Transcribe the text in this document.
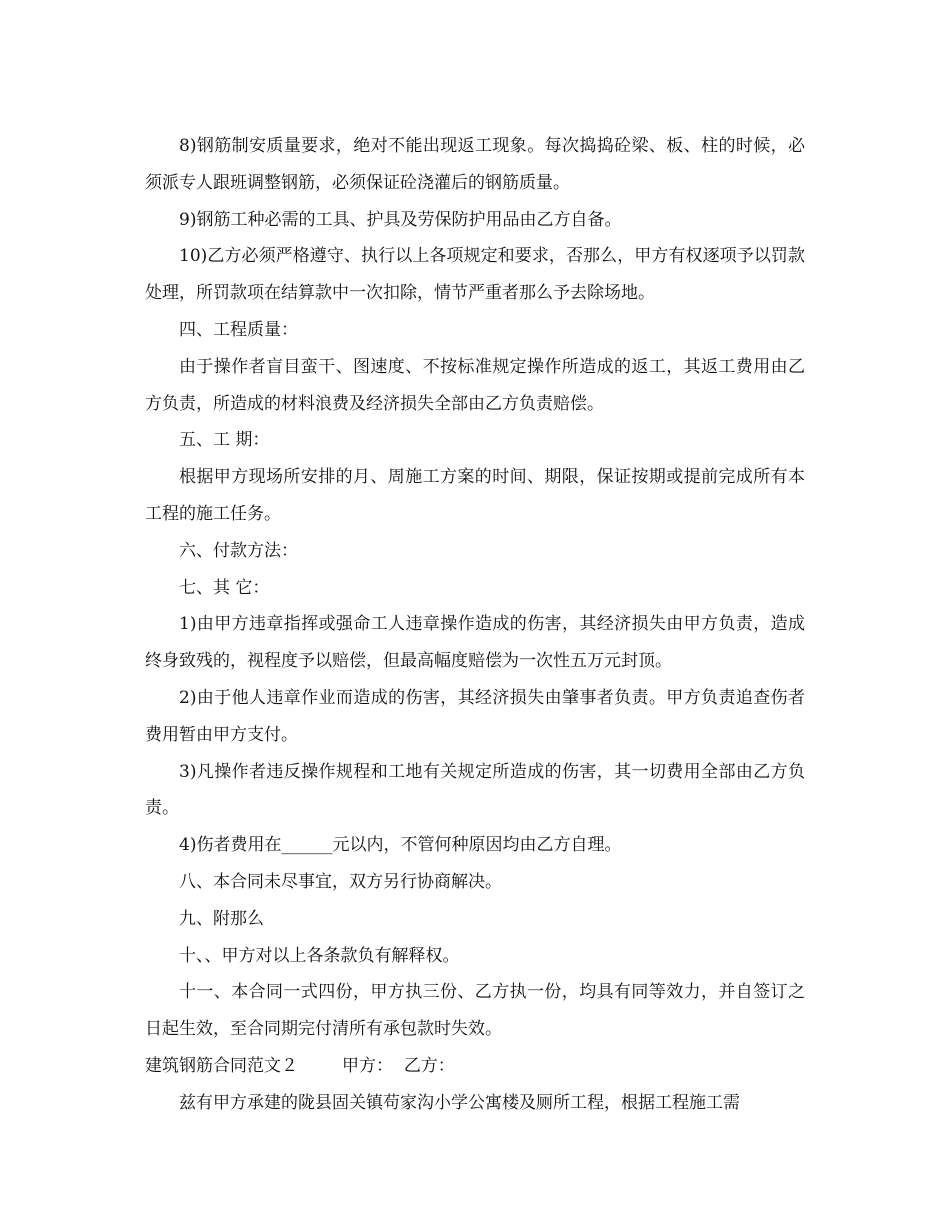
8)钢筋制安质量要求，绝对不能出现返工现象。每次捣捣砼梁、板、柱的时候，必须派专人跟班调整钢筋，必须保证砼浇灌后的钢筋质量。

9)钢筋工种必需的工具、护具及劳保防护用品由乙方自备。

10)乙方必须严格遵守、执行以上各项规定和要求，否那么，甲方有权逐项予以罚款处理，所罚款项在结算款中一次扣除，情节严重者那么予去除场地。

四、工程质量：

由于操作者盲目蛮干、图速度、不按标准规定操作所造成的返工，其返工费用由乙方负责，所造成的材料浪费及经济损失全部由乙方负责赔偿。

五、工 期：

根据甲方现场所安排的月、周施工方案的时间、期限，保证按期或提前完成所有本工程的施工任务。

六、付款方法：

七、其 它：

1)由甲方违章指挥或强命工人违章操作造成的伤害，其经济损失由甲方负责，造成终身致残的，视程度予以赔偿，但最高幅度赔偿为一次性五万元封顶。

2)由于他人违章作业而造成的伤害，其经济损失由肇事者负责。甲方负责追查伤者费用暂由甲方支付。

3)凡操作者违反操作规程和工地有关规定所造成的伤害，其一切费用全部由乙方负责。

4)伤者费用在______元以内，不管何种原因均由乙方自理。

八、本合同未尽事宜，双方另行协商解决。

九、附那么

十、、甲方对以上各条款负有解释权。

十一、本合同一式四份，甲方执三份、乙方执一份，均具有同等效力，并自签订之日起生效，至合同期完付清所有承包款时失效。

建筑钢筋合同范文２	甲方： 乙方：

兹有甲方承建的陇县固关镇苟家沟小学公寓楼及厕所工程，根据工程施工需
